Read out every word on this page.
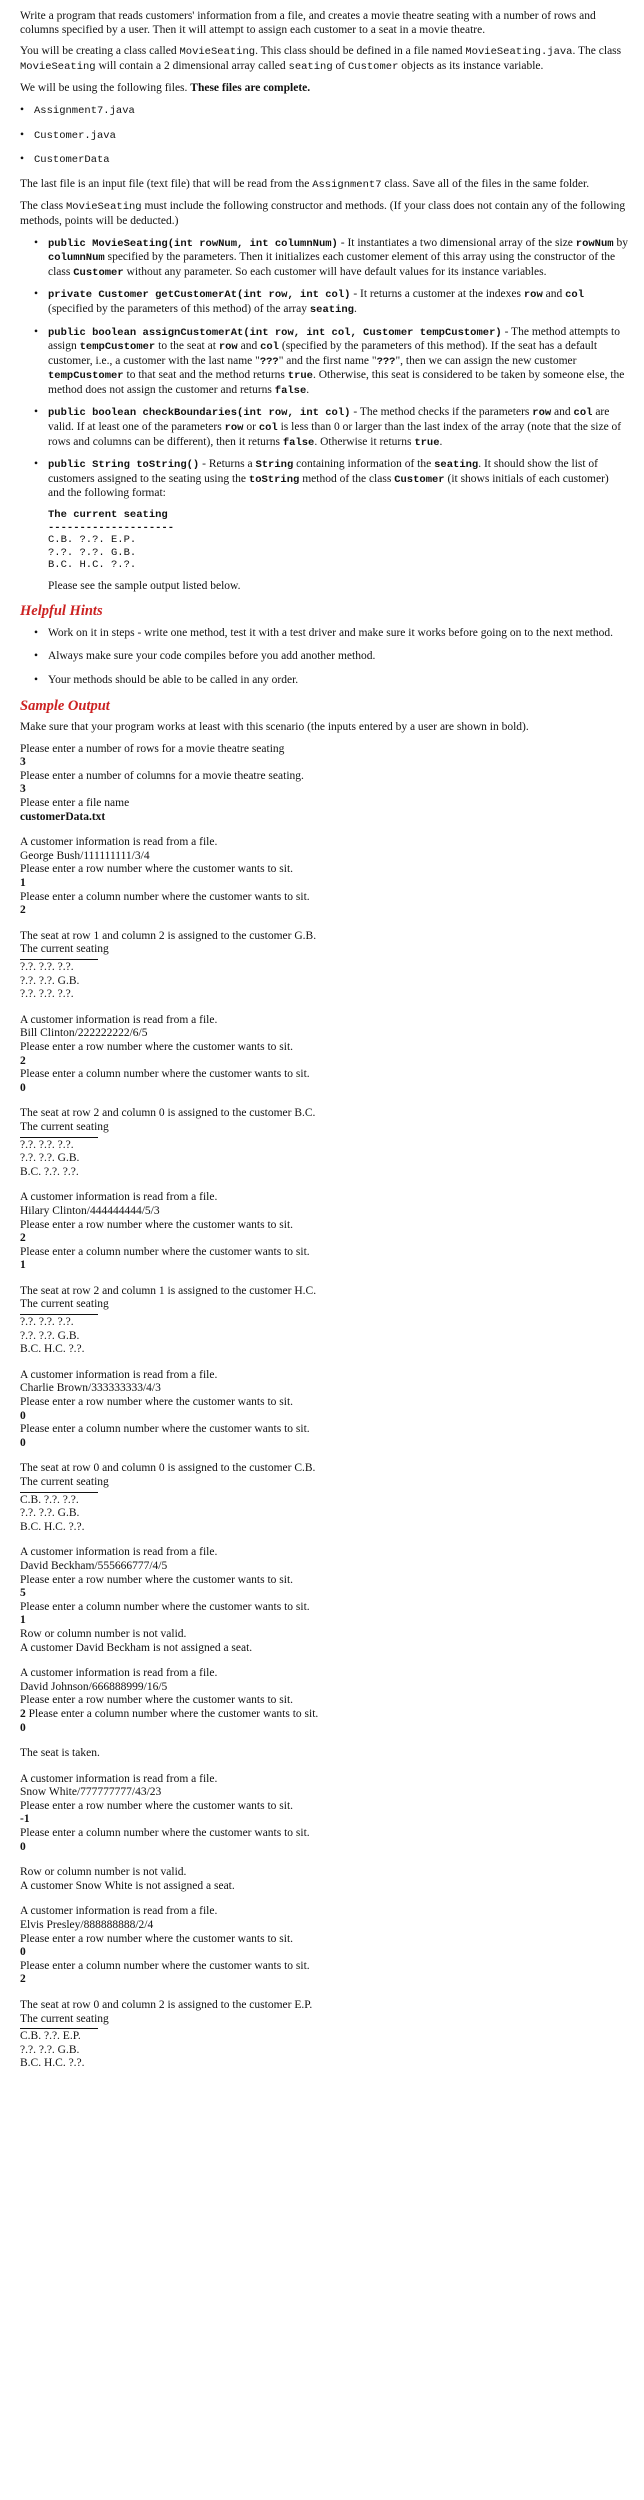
Write a program that reads customers' information from a file, and creates a movie theatre seating with a number of rows and columns specified by a user. Then it will attempt to assign each customer to a seat in a movie theatre.

You will be creating a class called MovieSeating. This class should be defined in a file named MovieSeating.java. The class MovieSeating will contain a 2 dimensional array called seating of Customer objects as its instance variable.

We will be using the following files. These files are complete.

• Assignment7.java
• Customer.java
• CustomerData

The last file is an input file (text file) that will be read from the Assignment7 class. Save all of the files in the same folder.

The class MovieSeating must include the following constructor and methods. (If your class does not contain any of the following methods, points will be deducted.)

• public MovieSeating(int rowNum, int columnNum) - It instantiates a two dimensional array of the size rowNum by columnNum specified by the parameters. Then it initializes each customer element of this array using the constructor of the class Customer without any parameter. So each customer will have default values for its instance variables.
• private Customer getCustomerAt(int row, int col) - It returns a customer at the indexes row and col (specified by the parameters of this method) of the array seating.
• public boolean assignCustomerAt(int row, int col, Customer tempCustomer) - The method attempts to assign tempCustomer to the seat at row and col (specified by the parameters of this method). If the seat has a default customer, i.e., a customer with the last name "???" and the first name "???", then we can assign the new customer tempCustomer to that seat and the method returns true. Otherwise, this seat is considered to be taken by someone else, the method does not assign the customer and returns false.
• public boolean checkBoundaries(int row, int col) - The method checks if the parameters row and col are valid. If at least one of the parameters row or col is less than 0 or larger than the last index of the array (note that the size of rows and columns can be different), then it returns false. Otherwise it returns true.
• public String toString() - Returns a String containing information of the seating. It should show the list of customers assigned to the seating using the toString method of the class Customer (it shows initials of each customer) and the following format:
The current seating
--------------------
C.B. ?.?. E.P.
?.?. ?.?. G.B.
B.C. H.C. ?.?.

Please see the sample output listed below.

Helpful Hints
• Work on it in steps - write one method, test it with a test driver and make sure it works before going on to the next method.
• Always make sure your code compiles before you add another method.
• Your methods should be able to be called in any order.
Sample Output

Make sure that your program works at least with this scenario (the inputs entered by a user are shown in bold).

Please enter a number of rows for a movie theatre seating
3
Please enter a number of columns for a movie theatre seating.
3
Please enter a file name
customerData.txt
A customer information is read from a file.
George Bush/111111111/3/4
Please enter a row number where the customer wants to sit.
1
Please enter a column number where the customer wants to sit.
2
The seat at row 1 and column 2 is assigned to the customer G.B.
The current seating
?.?. ?.?. ?.?.
?.?. ?.?. G.B.
?.?. ?.?. ?.?.
A customer information is read from a file.
Bill Clinton/222222222/6/5
Please enter a row number where the customer wants to sit.
2
Please enter a column number where the customer wants to sit.
0
The seat at row 2 and column 0 is assigned to the customer B.C.
The current seating
?.?. ?.?. ?.?.
?.?. ?.?. G.B.
B.C. ?.?. ?.?.
A customer information is read from a file.
Hilary Clinton/444444444/5/3
Please enter a row number where the customer wants to sit.
2
Please enter a column number where the customer wants to sit.
1
The seat at row 2 and column 1 is assigned to the customer H.C.
The current seating
?.?. ?.?. ?.?.
?.?. ?.?. G.B.
B.C. H.C. ?.?.
A customer information is read from a file.
Charlie Brown/333333333/4/3
Please enter a row number where the customer wants to sit.
0
Please enter a column number where the customer wants to sit.
0
The seat at row 0 and column 0 is assigned to the customer C.B.
The current seating
C.B. ?.?. ?.?.
?.?. ?.?. G.B.
B.C. H.C. ?.?.
A customer information is read from a file.
David Beckham/555666777/4/5
Please enter a row number where the customer wants to sit.
5
Please enter a column number where the customer wants to sit.
1
Row or column number is not valid.
A customer David Beckham is not assigned a seat.
A customer information is read from a file.
David Johnson/666888999/16/5
Please enter a row number where the customer wants to sit.
2 Please enter a column number where the customer wants to sit.
0
The seat is taken.
A customer information is read from a file.
Snow White/777777777/43/23
Please enter a row number where the customer wants to sit.
-1
Please enter a column number where the customer wants to sit.
0
Row or column number is not valid.
A customer Snow White is not assigned a seat.
A customer information is read from a file.
Elvis Presley/888888888/2/4
Please enter a row number where the customer wants to sit.
0
Please enter a column number where the customer wants to sit.
2
The seat at row 0 and column 2 is assigned to the customer E.P.
The current seating
C.B. ?.?. E.P.
?.?. ?.?. G.B.
B.C. H.C. ?.?.
